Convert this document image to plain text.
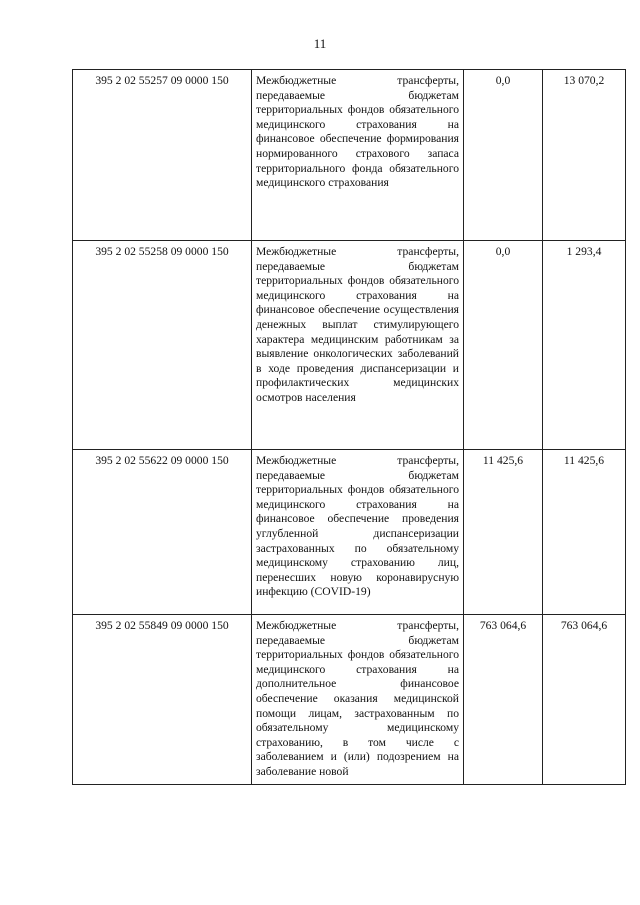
11
395 2 02 55257 09 0000 150	Межбюджетные трансферты, передаваемые бюджетам территориальных фондов обязательного медицинского страхования на финансовое обеспечение формирования нормированного страхового запаса территориального фонда обязательного медицинского страхования	0,0	13 070,2
395 2 02 55258 09 0000 150	Межбюджетные трансферты, передаваемые бюджетам территориальных фондов обязательного медицинского страхования на финансовое обеспечение осуществления денежных выплат стимулирующего характера медицинским работникам за выявление онкологических заболеваний в ходе проведения диспансеризации и профилактических медицинских осмотров населения	0,0	1 293,4
395 2 02 55622 09 0000 150	Межбюджетные трансферты, передаваемые бюджетам территориальных фондов обязательного медицинского страхования на финансовое обеспечение проведения углубленной диспансеризации застрахованных по обязательному медицинскому страхованию лиц, перенесших новую коронавирусную инфекцию (COVID-19)	11 425,6	11 425,6
395 2 02 55849 09 0000 150	Межбюджетные трансферты, передаваемые бюджетам территориальных фондов обязательного медицинского страхования на дополнительное финансовое обеспечение оказания медицинской помощи лицам, застрахованным по обязательному медицинскому страхованию, в том числе с заболеванием и (или) подозрением на заболевание новой	763 064,6	763 064,6
